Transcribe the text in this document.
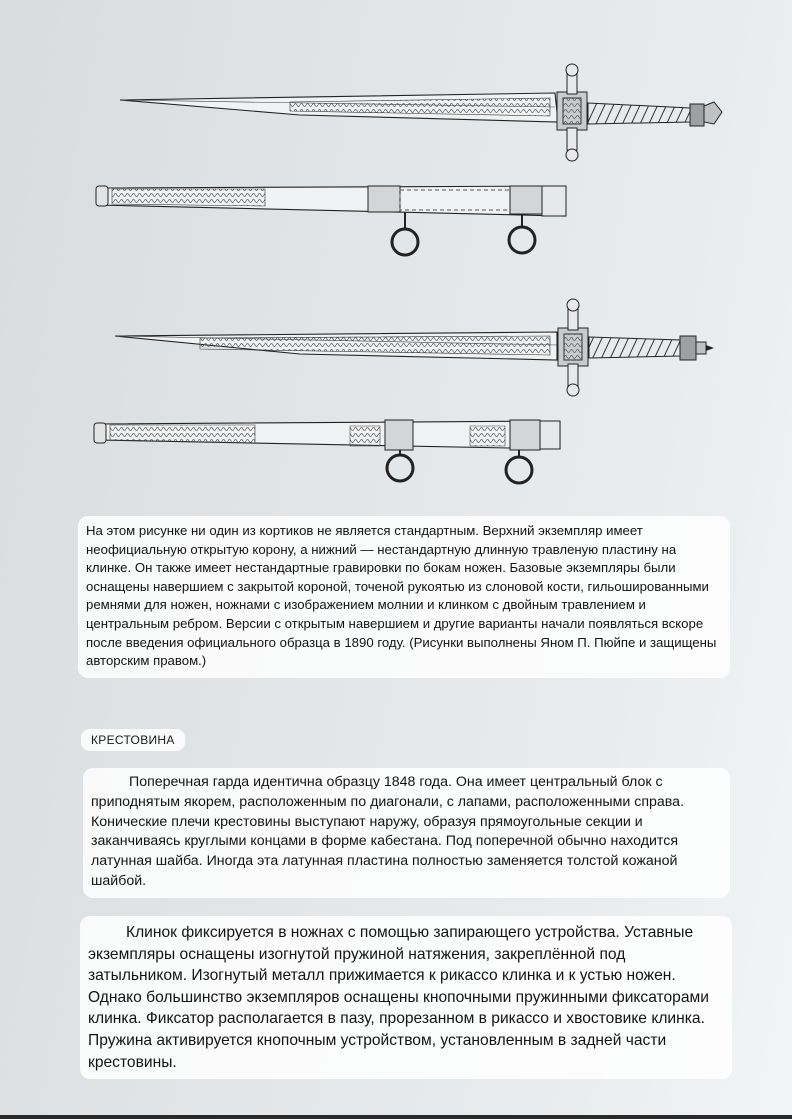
На этом рисунке ни один из кортиков не является стандартным. Верхний экземпляр имеет неофициальную открытую корону, а нижний — нестандартную длинную травленую пластину на клинке. Он также имеет нестандартные гравировки по бокам ножен. Базовые экземпляры были оснащены навершием с закрытой короной, точеной рукоятью из слоновой кости, гильошированными ремнями для ножен, ножнами с изображением молнии и клинком с двойным травлением и центральным ребром. Версии с открытым навершием и другие варианты начали появляться вскоре после введения официального образца в 1890 году. (Рисунки выполнены Яном П. Пюйпе и защищены авторским правом.)
КРЕСТОВИНА
Поперечная гарда идентична образцу 1848 года. Она имеет центральный блок с приподнятым якорем, расположенным по диагонали, с лапами, расположенными справа. Конические плечи крестовины выступают наружу, образуя прямоугольные секции и заканчиваясь круглыми концами в форме кабестана. Под поперечной обычно находится латунная шайба. Иногда эта латунная пластина полностью заменяется толстой кожаной шайбой.
Клинок фиксируется в ножнах с помощью запирающего устройства. Уставные экземпляры оснащены изогнутой пружиной натяжения, закреплённой под затыльником. Изогнутый металл прижимается к рикассо клинка и к устью ножен. Однако большинство экземпляров оснащены кнопочными пружинными фиксаторами клинка. Фиксатор располагается в пазу, прорезанном в рикассо и хвостовике клинка. Пружина активируется кнопочным устройством, установленным в задней части крестовины.
